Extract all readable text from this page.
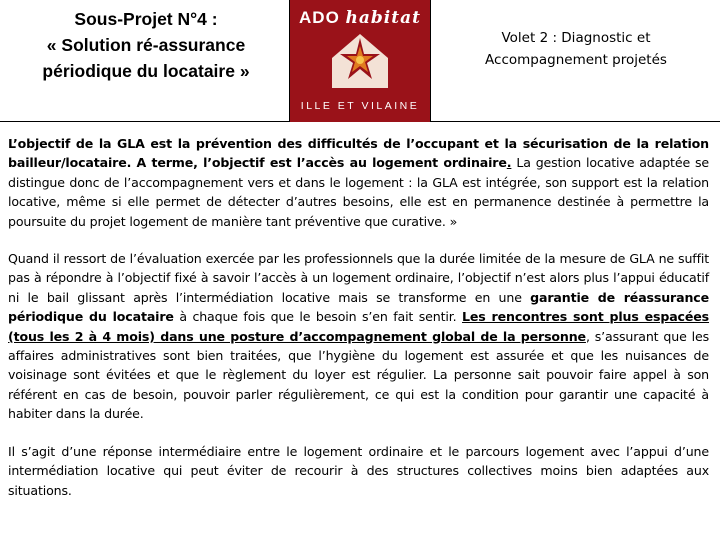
Sous-Projet N°4 :
« Solution ré-assurance
périodique du locataire »
ADO habitat
ILLE ET VILAINE
Volet 2 : Diagnostic et
Accompagnement projetés

L’objectif de la GLA est la prévention des difficultés de l’occupant et la sécurisation de la relation bailleur/locataire. A terme, l’objectif est l’accès au logement ordinaire. La gestion locative adaptée se distingue donc de l’accompagnement vers et dans le logement : la GLA est intégrée, son support est la relation locative, même si elle permet de détecter d’autres besoins, elle est en permanence destinée à permettre la poursuite du projet logement de manière tant préventive que curative. »

Quand il ressort de l’évaluation exercée par les professionnels que la durée limitée de la mesure de GLA ne suffit pas à répondre à l’objectif fixé à savoir l’accès à un logement ordinaire, l’objectif n’est alors plus l’appui éducatif ni le bail glissant après l’intermédiation locative mais se transforme en une garantie de réassurance périodique du locataire à chaque fois que le besoin s’en fait sentir. Les rencontres sont plus espacées (tous les 2 à 4 mois) dans une posture d’accompagnement global de la personne, s’assurant que les affaires administratives sont bien traitées, que l’hygiène du logement est assurée et que les nuisances de voisinage sont évitées et que le règlement du loyer est régulier. La personne sait pouvoir faire appel à son référent en cas de besoin, pouvoir parler régulièrement, ce qui est la condition pour garantir une capacité à habiter dans la durée.

Il s’agit d’une réponse intermédiaire entre le logement ordinaire et le parcours logement avec l’appui d’une intermédiation locative qui peut éviter de recourir à des structures collectives moins bien adaptées aux situations.
